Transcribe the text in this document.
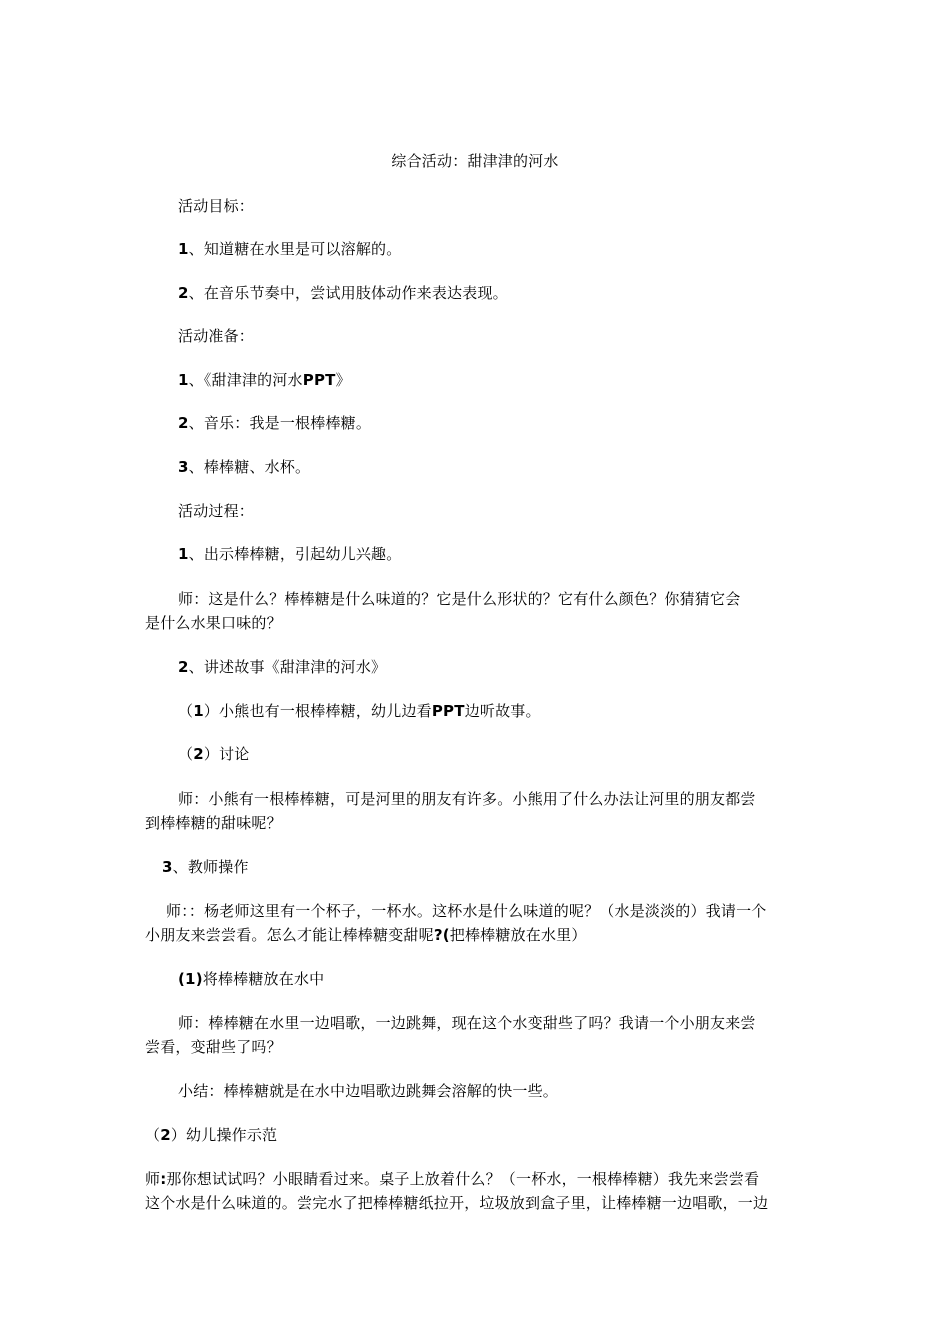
综合活动：甜津津的河水
活动目标：
1、知道糖在水里是可以溶解的。
2、在音乐节奏中，尝试用肢体动作来表达表现。
活动准备：
1、《甜津津的河水PPT》
2、音乐：我是一根棒棒糖。
3、棒棒糖、水杯。
活动过程：
1、出示棒棒糖，引起幼儿兴趣。
师：这是什么？棒棒糖是什么味道的？它是什么形状的？它有什么颜色？你猜猜它会
是什么水果口味的？
2、讲述故事《甜津津的河水》
（1）小熊也有一根棒棒糖，幼儿边看PPT边听故事。
（2）讨论
师：小熊有一根棒棒糖，可是河里的朋友有许多。小熊用了什么办法让河里的朋友都尝
到棒棒糖的甜味呢？
3、教师操作
师：：杨老师这里有一个杯子，一杯水。这杯水是什么味道的呢？（水是淡淡的）我请一个
小朋友来尝尝看。怎么才能让棒棒糖变甜呢?(把棒棒糖放在水里）
(1)将棒棒糖放在水中
师：棒棒糖在水里一边唱歌，一边跳舞，现在这个水变甜些了吗？我请一个小朋友来尝
尝看，变甜些了吗？
小结：棒棒糖就是在水中边唱歌边跳舞会溶解的快一些。
（2）幼儿操作示范
师:那你想试试吗？小眼睛看过来。桌子上放着什么？（一杯水，一根棒棒糖）我先来尝尝看
这个水是什么味道的。尝完水了把棒棒糖纸拉开，垃圾放到盒子里，让棒棒糖一边唱歌，一边
